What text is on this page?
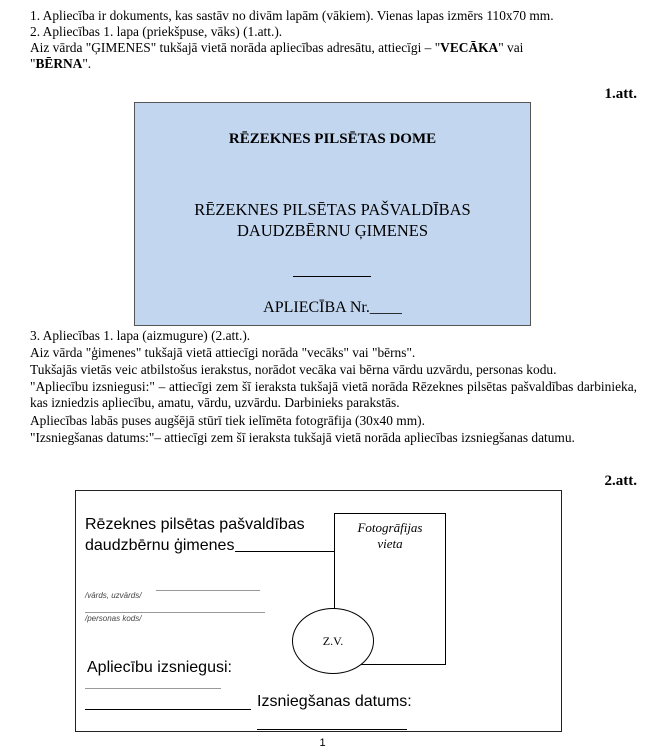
1. Apliecība ir dokuments, kas sastāv no divām lapām (vākiem). Vienas lapas izmērs 110x70 mm.
2. Apliecības 1. lapa (priekšpuse, vāks) (1.att.).
Aiz vārda "ĢIMENES" tukšajā vietā norāda apliecības adresātu, attiecīgi – "VECĀKA" vai
"BĒRNA".
1.att.
RĒZEKNES PILSĒTAS DOME
RĒZEKNES PILSĒTAS PAŠVALDĪBAS
DAUDZBĒRNU ĢIMENES
APLIECĪBA Nr.____
3. Apliecības 1. lapa (aizmugure) (2.att.).
Aiz vārda "ģimenes" tukšajā vietā attiecīgi norāda "vecāks" vai "bērns".
Tukšajās vietās veic atbilstošus ierakstus, norādot vecāka vai bērna vārdu uzvārdu, personas kodu.
"Apliecību izsniegusi:" – attiecīgi zem šī ieraksta tukšajā vietā norāda Rēzeknes pilsētas pašvaldības darbinieka, kas izniedzis apliecību, amatu, vārdu, uzvārdu. Darbinieks parakstās.
Apliecības labās puses augšējā stūrī tiek ielīmēta fotogrāfija (30x40 mm).
"Izsniegšanas datums:"– attiecīgi zem šī ieraksta tukšajā vietā norāda apliecības izsniegšanas datumu.
2.att.
Rēzeknes pilsētas pašvaldības
daudzbērnu ģimenes
/vārds, uzvārds/
/personas kods/
Fotogrāfijas
vieta
Z.V.
Apliecību izsniegusi:
Izsniegšanas datums:
1
